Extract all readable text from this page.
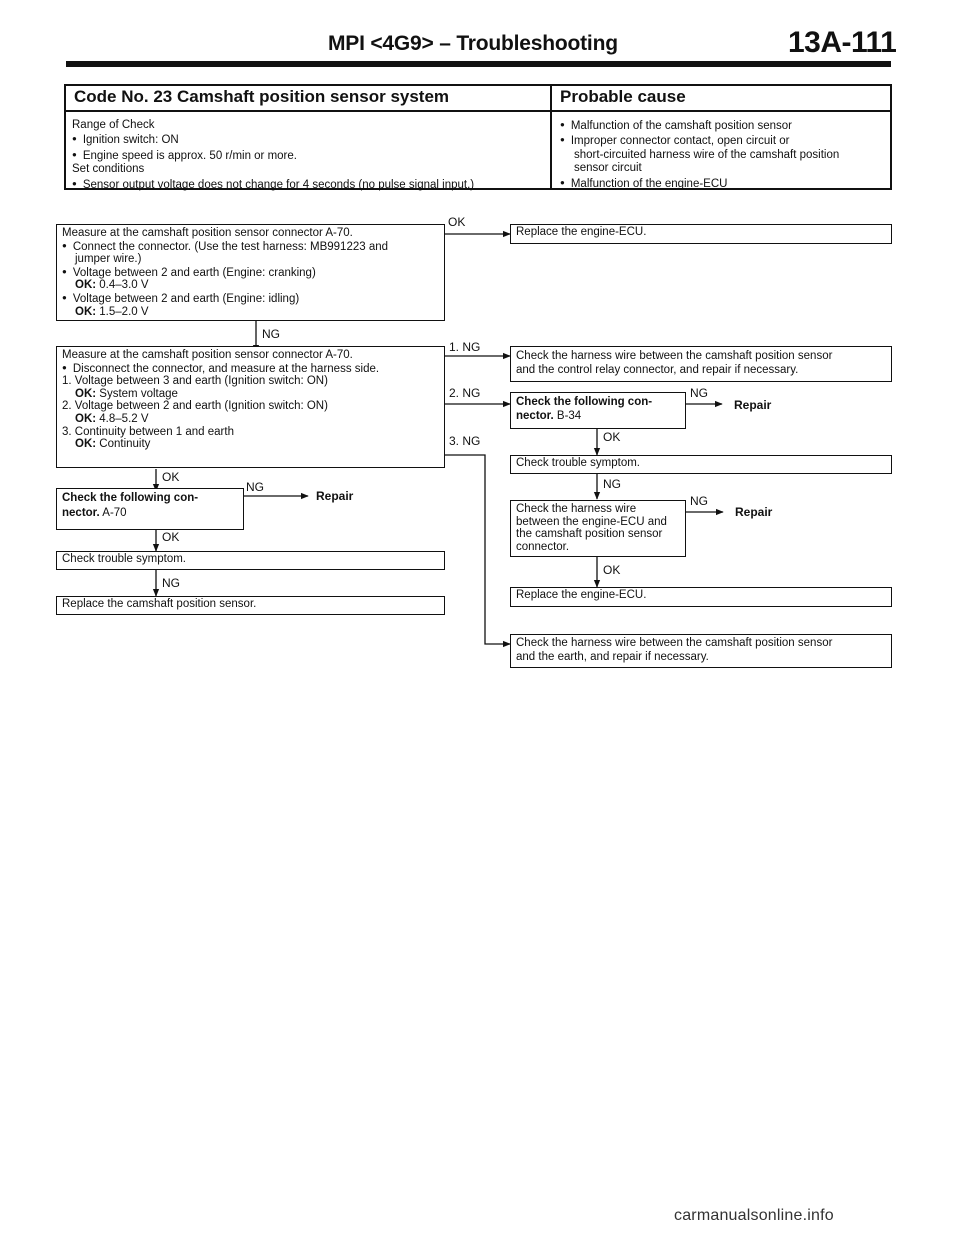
MPI <4G9> – Troubleshooting	13A-111
Code No. 23 Camshaft position sensor system	Probable cause
Range of Check
● Ignition switch: ON
● Engine speed is approx. 50 r/min or more.
Set conditions
● Sensor output voltage does not change for 4 seconds (no pulse signal input.)
● Malfunction of the camshaft position sensor
● Improper connector contact, open circuit or
short-circuited harness wire of the camshaft position
sensor circuit
● Malfunction of the engine-ECU
Measure at the camshaft position sensor connector A-70.
● Connect the connector. (Use the test harness: MB991223 and
jumper wire.)
● Voltage between 2 and earth (Engine: cranking)
OK: 0.4–3.0 V
● Voltage between 2 and earth (Engine: idling)
OK: 1.5–2.0 V
Measure at the camshaft position sensor connector A-70.
● Disconnect the connector, and measure at the harness side.
1. Voltage between 3 and earth (Ignition switch: ON)
OK: System voltage
2. Voltage between 2 and earth (Ignition switch: ON)
OK: 4.8–5.2 V
3. Continuity between 1 and earth
OK: Continuity
Check the following con-
nector. A-70
Check trouble symptom.
Replace the camshaft position sensor.
Replace the engine-ECU.
Check the harness wire between the camshaft position sensor
and the control relay connector, and repair if necessary.
Check the following con-
nector. B-34
Check trouble symptom.
Check the harness wire
between the engine-ECU and
the camshaft position sensor
connector.
Replace the engine-ECU.
Check the harness wire between the camshaft position sensor
and the earth, and repair if necessary.
OK
NG
1. NG
2. NG
3. NG
OK
NG
Repair
OK
NG
NG
Repair
OK
NG
NG
Repair
OK
carmanualsonline.info
